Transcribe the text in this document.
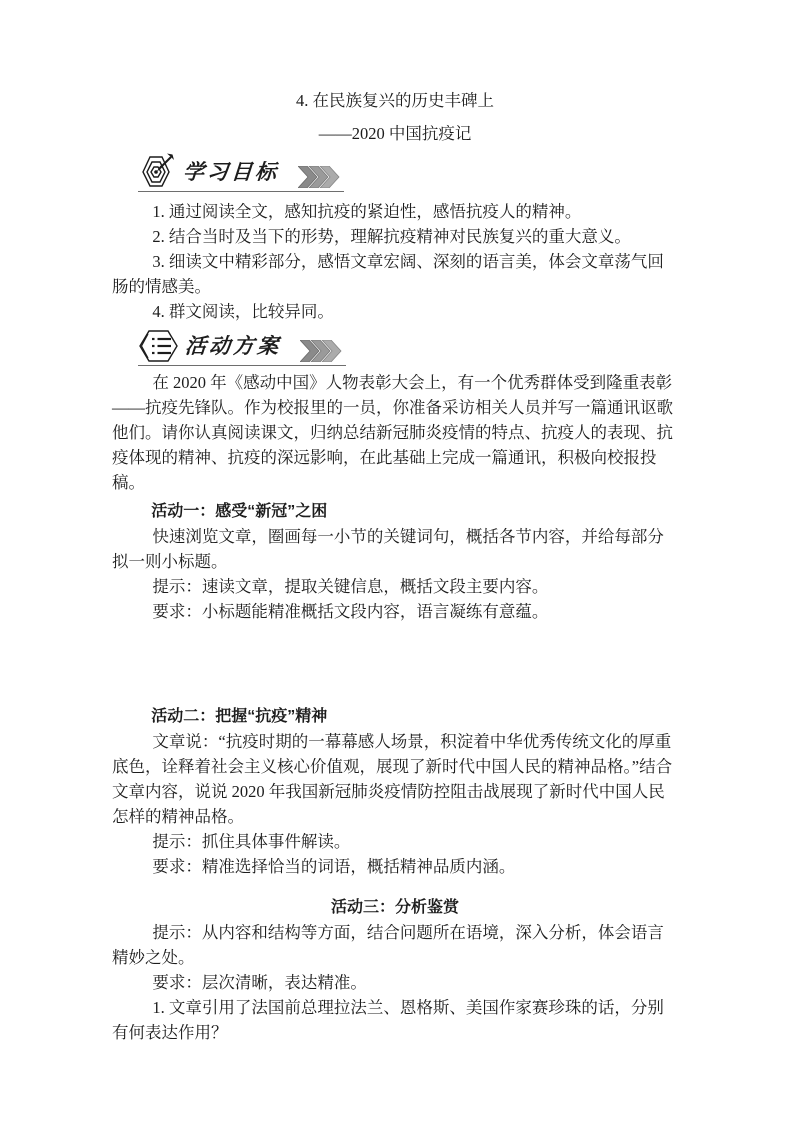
4. 在民族复兴的历史丰碑上
——2020 中国抗疫记
学习目标

1. 通过阅读全文，感知抗疫的紧迫性，感悟抗疫人的精神。

2. 结合当时及当下的形势，理解抗疫精神对民族复兴的重大意义。

3. 细读文中精彩部分，感悟文章宏阔、深刻的语言美，体会文章荡气回肠的情感美。

4. 群文阅读，比较异同。

活动方案

在 2020 年《感动中国》人物表彰大会上，有一个优秀群体受到隆重表彰——抗疫先锋队。作为校报里的一员，你准备采访相关人员并写一篇通讯讴歌他们。请你认真阅读课文，归纳总结新冠肺炎疫情的特点、抗疫人的表现、抗疫体现的精神、抗疫的深远影响，在此基础上完成一篇通讯，积极向校报投稿。

活动一：感受“新冠”之困

快速浏览文章，圈画每一小节的关键词句，概括各节内容，并给每部分拟一则小标题。

提示：速读文章，提取关键信息，概括文段主要内容。

要求：小标题能精准概括文段内容，语言凝练有意蕴。

活动二：把握“抗疫”精神

文章说：“抗疫时期的一幕幕感人场景，积淀着中华优秀传统文化的厚重底色，诠释着社会主义核心价值观，展现了新时代中国人民的精神品格。”结合文章内容，说说 2020 年我国新冠肺炎疫情防控阻击战展现了新时代中国人民怎样的精神品格。

提示：抓住具体事件解读。

要求：精准选择恰当的词语，概括精神品质内涵。

活动三：分析鉴赏

提示：从内容和结构等方面，结合问题所在语境，深入分析，体会语言精妙之处。

要求：层次清晰，表达精准。

1. 文章引用了法国前总理拉法兰、恩格斯、美国作家赛珍珠的话，分别有何表达作用？
